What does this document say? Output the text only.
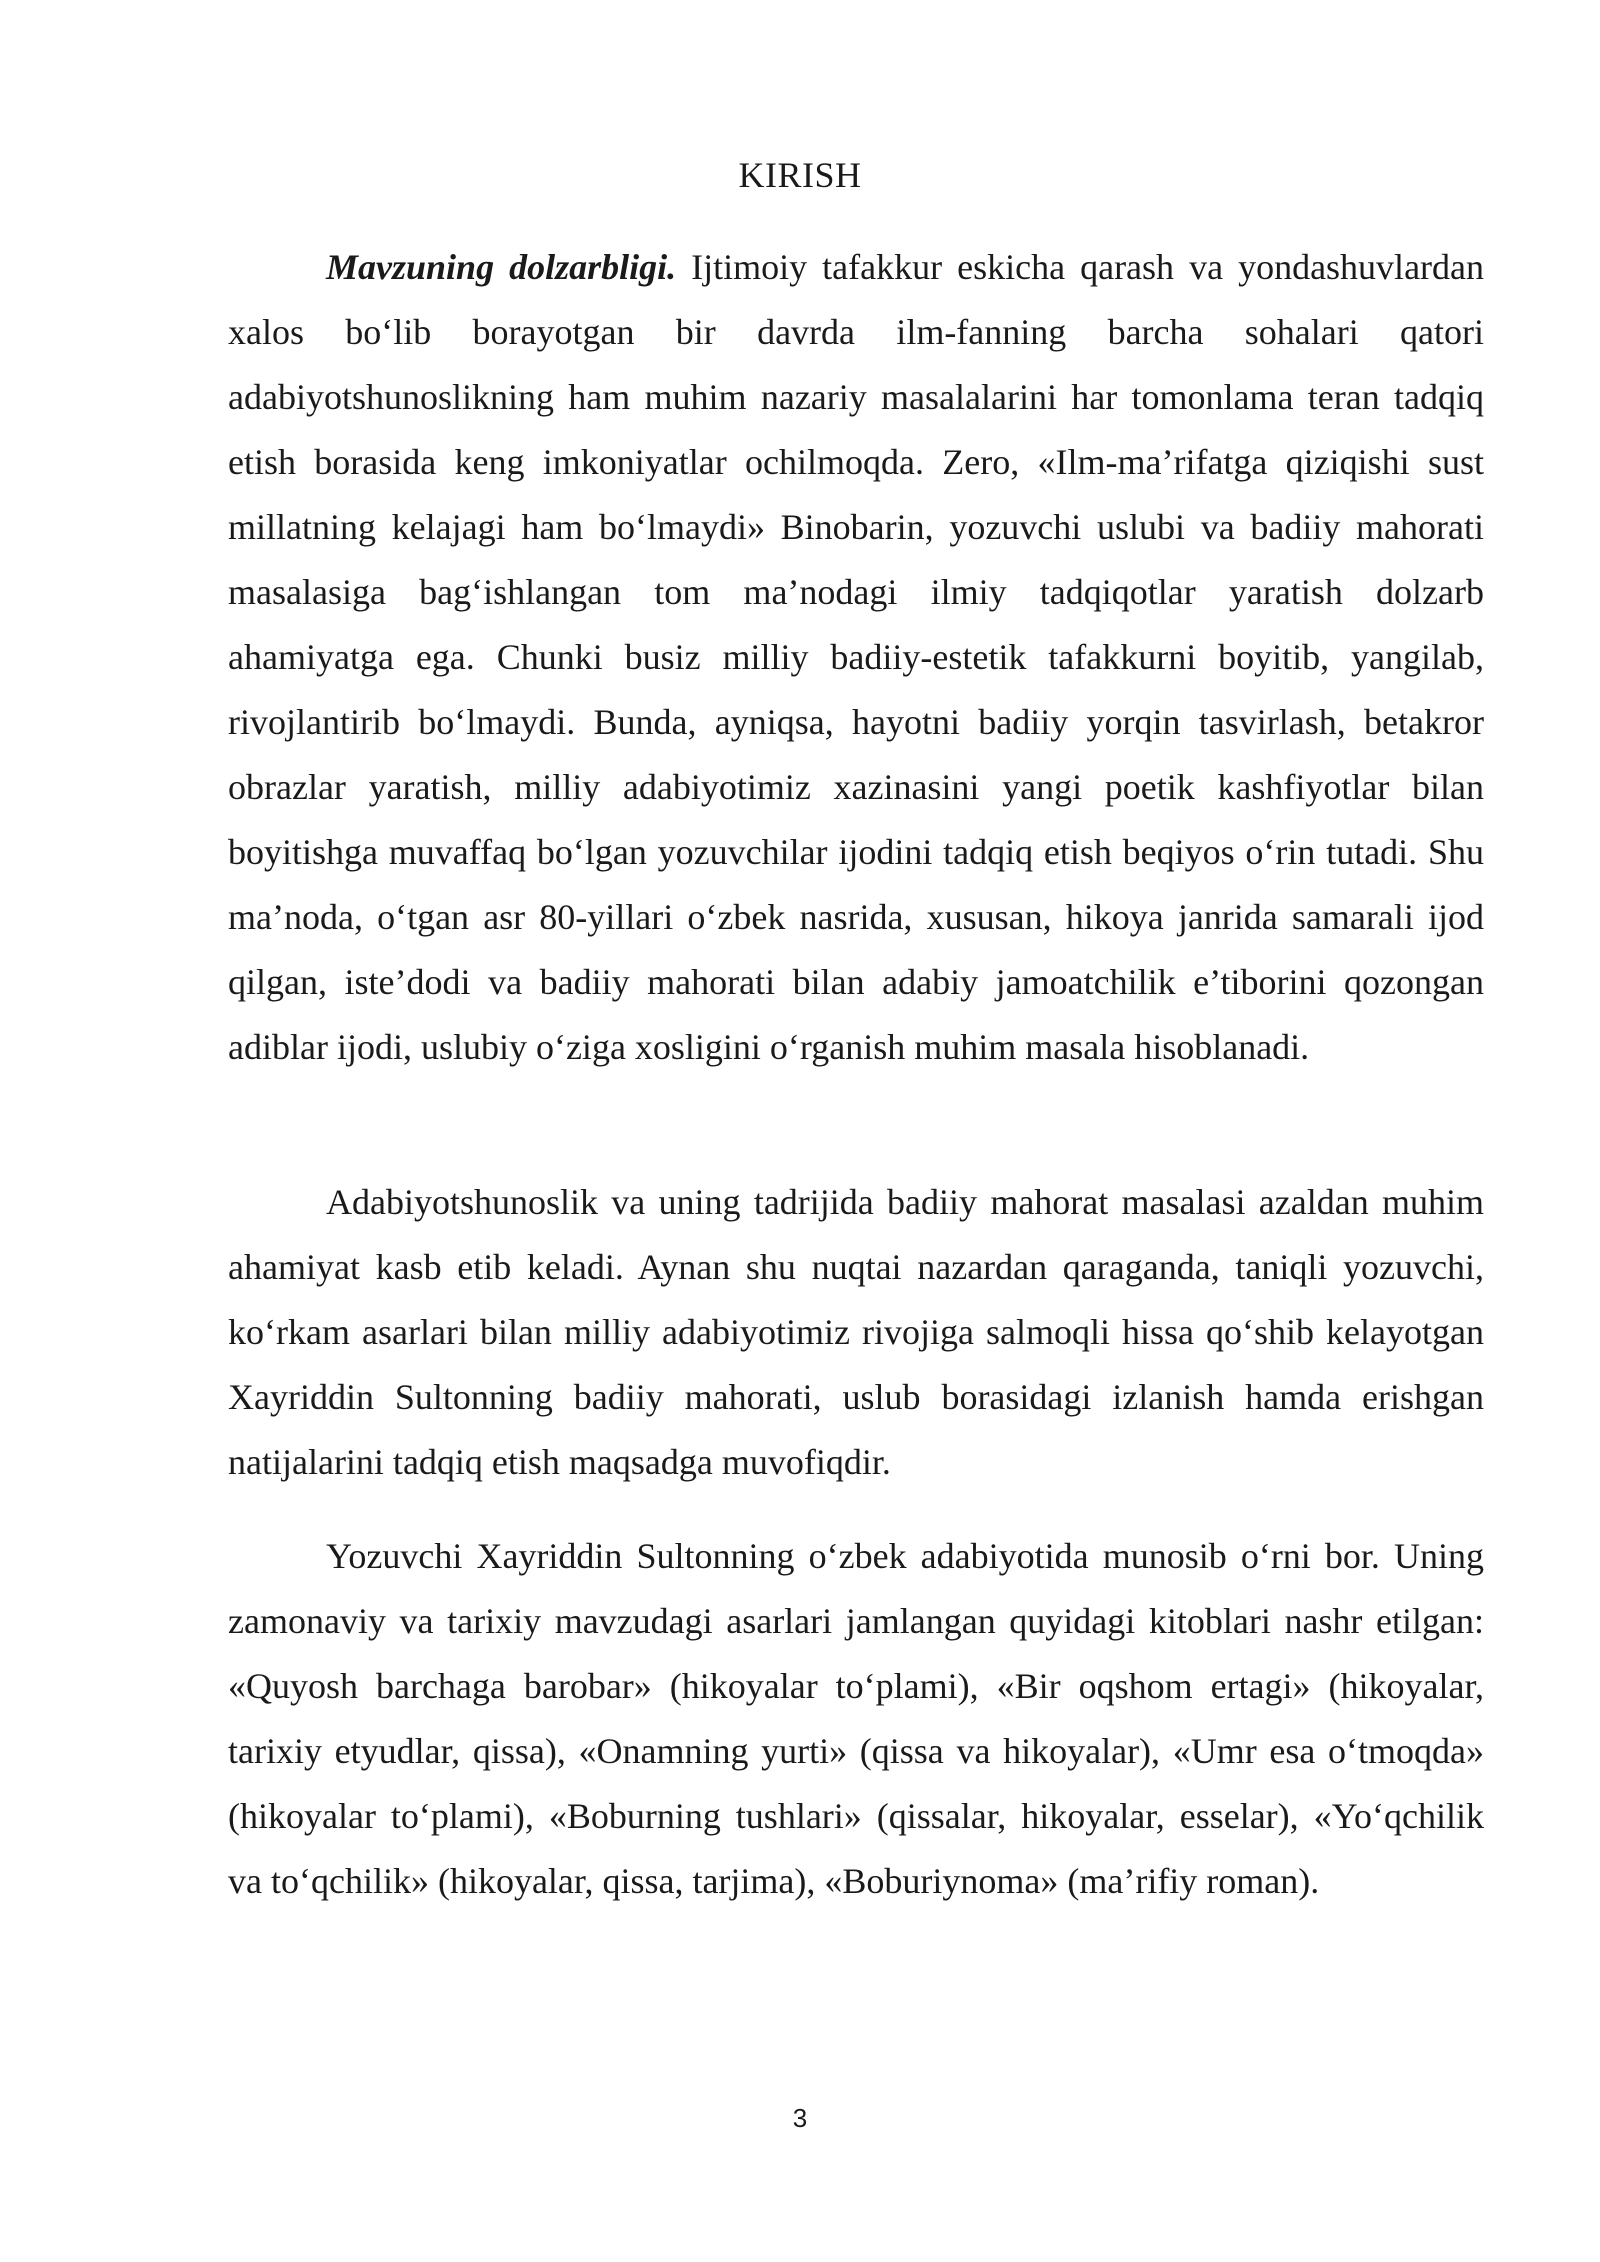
KIRISH

Mavzuning dolzarbligi. Ijtimoiy tafakkur eskicha qarash va yondashuvlardan xalos bo‘lib borayotgan bir davrda ilm-fanning barcha sohalari qatori adabiyotshunoslikning ham muhim nazariy masalalarini har tomonlama teran tadqiq etish borasida keng imkoniyatlar ochilmoqda. Zero, «Ilm-ma’rifatga qiziqishi sust millatning kelajagi ham bo‘lmaydi» Binobarin, yozuvchi uslubi va badiiy mahorati masalasiga bag‘ishlangan tom ma’nodagi ilmiy tadqiqotlar yaratish dolzarb ahamiyatga ega. Chunki busiz milliy badiiy-estetik tafakkurni boyitib, yangilab, rivojlantirib bo‘lmaydi. Bunda, ayniqsa, hayotni badiiy yorqin tasvirlash, betakror obrazlar yaratish, milliy adabiyotimiz xazinasini yangi poetik kashfiyotlar bilan boyitishga muvaffaq bo‘lgan yozuvchilar ijodini tadqiq etish beqiyos o‘rin tutadi. Shu ma’noda, o‘tgan asr 80-yillari o‘zbek nasrida, xususan, hikoya janrida samarali ijod qilgan, iste’dodi va badiiy mahorati bilan adabiy jamoatchilik e’tiborini qozongan adiblar ijodi, uslubiy o‘ziga xosligini o‘rganish muhim masala hisoblanadi.

Adabiyotshunoslik va uning tadrijida badiiy mahorat masalasi azaldan muhim ahamiyat kasb etib keladi. Aynan shu nuqtai nazardan qaraganda, taniqli yozuvchi, ko‘rkam asarlari bilan milliy adabiyotimiz rivojiga salmoqli hissa qo‘shib kelayotgan Xayriddin Sultonning badiiy mahorati, uslub borasidagi izlanish hamda erishgan natijalarini tadqiq etish maqsadga muvofiqdir.

Yozuvchi Xayriddin Sultonning o‘zbek adabiyotida munosib o‘rni bor. Uning zamonaviy va tarixiy mavzudagi asarlari jamlangan quyidagi kitoblari nashr etilgan: «Quyosh barchaga barobar» (hikoyalar to‘plami), «Bir oqshom ertagi» (hikoyalar, tarixiy etyudlar, qissa), «Onamning yurti» (qissa va hikoyalar), «Umr esa o‘tmoqda» (hikoyalar to‘plami), «Boburning tushlari» (qissalar, hikoyalar, esselar), «Yo‘qchilik va to‘qchilik» (hikoyalar, qissa, tarjima), «Boburiynoma» (ma’rifiy roman).

3
